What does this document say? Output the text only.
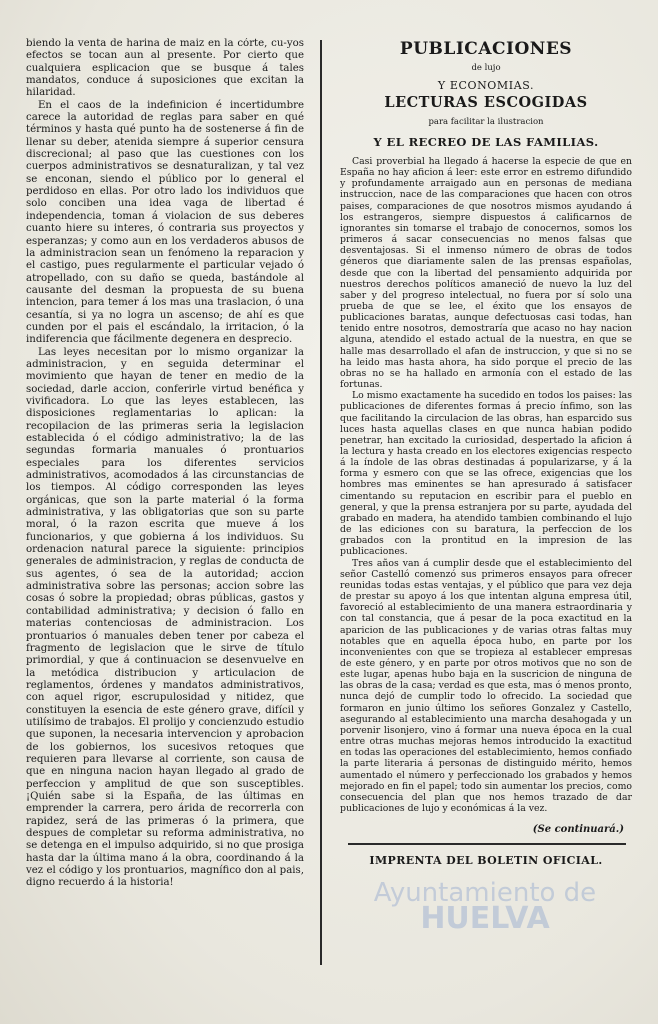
biendo la venta de harina de maiz en la córte, cu-yos efectos se tocan aun al presente. Por cierto que cualquiera esplicacion que se busque á tales mandatos, conduce á suposiciones que excitan la hilaridad.

En el caos de la indefinicion é incertidumbre carece la autoridad de reglas para saber en qué términos y hasta qué punto ha de sostenerse á fin de llenar su deber, atenida siempre á superior censura discrecional; al paso que las cuestiones con los cuerpos administrativos se desnaturalizan, y tal vez se enconan, siendo el público por lo general el perdidoso en ellas. Por otro lado los individuos que solo conciben una idea vaga de libertad é independencia, toman á violacion de sus deberes cuanto hiere su interes, ó contraria sus proyectos y esperanzas; y como aun en los verdaderos abusos de la administracion sean un fenómeno la reparacion y el castigo, pues regularmente el particular vejado ó atropellado, con su daño se queda, bastándole al causante del desman la propuesta de su buena intencion, para temer á los mas una traslacion, ó una cesantía, si ya no logra un ascenso; de ahí es que cunden por el pais el escándalo, la irritacion, ó la indiferencia que fácilmente degenera en desprecio.

Las leyes necesitan por lo mismo organizar la administracion, y en seguida determinar el movimiento que hayan de tener en medio de la sociedad, darle accion, conferirle virtud benéfica y vivificadora. Lo que las leyes establecen, las disposiciones reglamentarias lo aplican: la recopilacion de las primeras seria la legislacion establecida ó el código administrativo; la de las segundas formaria manuales ó prontuarios especiales para los diferentes servicios administrativos, acomodados á las circunstancias de los tiempos. Al código corresponden las leyes orgánicas, que son la parte material ó la forma administrativa, y las obligatorias que son su parte moral, ó la razon escrita que mueve á los funcionarios, y que gobierna á los individuos. Su ordenacion natural parece la siguiente: principios generales de administracion, y reglas de conducta de sus agentes, ó sea de la autoridad; accion administrativa sobre las personas; accion sobre las cosas ó sobre la propiedad; obras públicas, gastos y contabilidad administrativa; y decision ó fallo en materias contenciosas de administracion. Los prontuarios ó manuales deben tener por cabeza el fragmento de legislacion que le sirve de título primordial, y que á continuacion se desenvuelve en la metódica distribucion y articulacion de reglamentos, órdenes y mandatos administrativos, con aquel rigor, escrupulosidad y nitidez, que constituyen la esencia de este género grave, difícil y utilísimo de trabajos. El prolijo y concienzudo estudio que suponen, la necesaria intervencion y aprobacion de los gobiernos, los sucesivos retoques que requieren para llevarse al corriente, son causa de que en ninguna nacion hayan llegado al grado de perfeccion y amplitud de que son susceptibles. ¡Quién sabe si la España, de las últimas en emprender la carrera, pero árida de recorrerla con rapidez, será de las primeras ó la primera, que despues de completar su reforma administrativa, no se detenga en el impulso adquirido, si no que prosiga hasta dar la última mano á la obra, coordinando á la vez el código y los prontuarios, magnífico don al pais, digno recuerdo á la historia!

PUBLICACIONES

de lujo

Y ECONOMIAS.

LECTURAS ESCOGIDAS

para facilitar la ilustracion

Y EL RECREO DE LAS FAMILIAS.

Casi proverbial ha llegado á hacerse la especie de que en España no hay aficion á leer: este error en estremo difundido y profundamente arraigado aun en personas de mediana instruccion, nace de las comparaciones que hacen con otros paises, comparaciones de que nosotros mismos ayudando á los estrangeros, siempre dispuestos á calificarnos de ignorantes sin tomarse el trabajo de conocernos, somos los primeros á sacar consecuencias no menos falsas que desventajosas. Si el inmenso número de obras de todos géneros que diariamente salen de las prensas españolas, desde que con la libertad del pensamiento adquirida por nuestros derechos políticos amaneció de nuevo la luz del saber y del progreso intelectual, no fuera por sí solo una prueba de que se lee, el éxito que los ensayos de publicaciones baratas, aunque defectuosas casi todas, han tenido entre nosotros, demostraría que acaso no hay nacion alguna, atendido el estado actual de la nuestra, en que se halle mas desarrollado el afan de instruccion, y que si no se ha leido mas hasta ahora, ha sido porque el precio de las obras no se ha hallado en armonía con el estado de las fortunas.

Lo mismo exactamente ha sucedido en todos los paises: las publicaciones de diferentes formas á precio ínfimo, son las que facilitando la circulacion de las obras, han esparcido sus luces hasta aquellas clases en que nunca habian podido penetrar, han excitado la curiosidad, despertado la aficion á la lectura y hasta creado en los electores exigencias respecto á la índole de las obras destinadas á popularizarse, y á la forma y esmero con que se las ofrece, exigencias que los hombres mas eminentes se han apresurado á satisfacer cimentando su reputacion en escribir para el pueblo en general, y que la prensa estranjera por su parte, ayudada del grabado en madera, ha atendido tambien combinando el lujo de las ediciones con su baratura, la perfeccion de los grabados con la prontitud en la impresion de las publicaciones.

Tres años van á cumplir desde que el establecimiento del señor Castelló comenzó sus primeros ensayos para ofrecer reunidas todas estas ventajas, y el público que para vez deja de prestar su apoyo á los que intentan alguna empresa útil, favoreció al establecimiento de una manera estraordinaria y con tal constancia, que á pesar de la poca exactitud en la aparicion de las publicaciones y de varias otras faltas muy notables que en aquella época hubo, en parte por los inconvenientes con que se tropieza al establecer empresas de este género, y en parte por otros motivos que no son de este lugar, apenas hubo baja en la suscricion de ninguna de las obras de la casa; verdad es que esta, mas ó menos pronto, nunca dejó de cumplir todo lo ofrecido. La sociedad que formaron en junio último los señores Gonzalez y Castello, asegurando al establecimiento una marcha desahogada y un porvenir lisonjero, vino á formar una nueva época en la cual entre otras muchas mejoras hemos introducido la exactitud en todas las operaciones del establecimiento, hemos confiado la parte literaria á personas de distinguido mérito, hemos aumentado el número y perfeccionado los grabados y hemos mejorado en fin el papel; todo sin aumentar los precios, como consecuencia del plan que nos hemos trazado de dar publicaciones de lujo y económicas á la vez.

(Se continuará.)

IMPRENTA DEL BOLETIN OFICIAL.

Ayuntamiento de
HUELVA
